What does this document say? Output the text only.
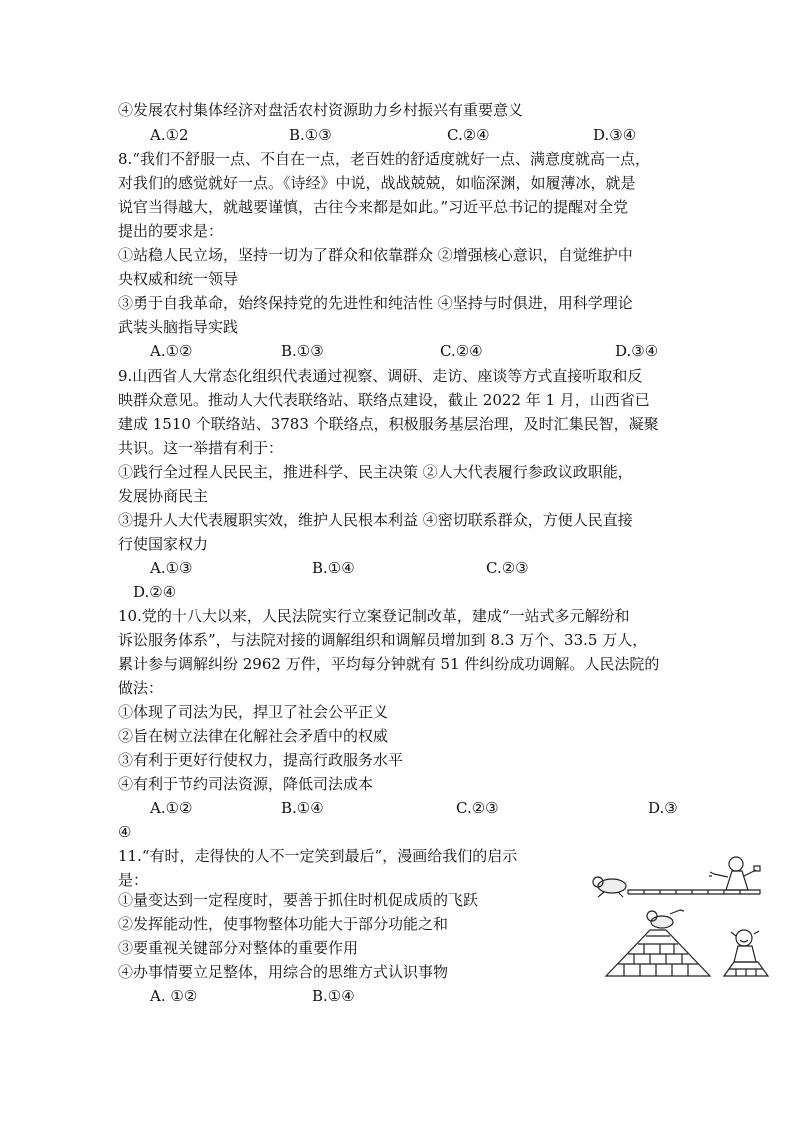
④发展农村集体经济对盘活农村资源助力乡村振兴有重要意义
A.①2	B.①③	C.②④	D.③④
8.“我们不舒服一点、不自在一点，老百姓的舒适度就好一点、满意度就高一点，
对我们的感觉就好一点。《诗经》中说，战战兢兢，如临深渊，如履薄冰，就是
说官当得越大，就越要谨慎，古往今来都是如此。”习近平总书记的提醒对全党
提出的要求是：
①站稳人民立场，坚持一切为了群众和依靠群众 ②增强核心意识，自觉维护中
央权威和统一领导
③勇于自我革命，始终保持党的先进性和纯洁性 ④坚持与时俱进，用科学理论
武装头脑指导实践
A.①②	B.①③	C.②④	D.③④
9.山西省人大常态化组织代表通过视察、调研、走访、座谈等方式直接听取和反
映群众意见。推动人大代表联络站、联络点建设，截止 2022 年 1 月，山西省已
建成 1510 个联络站、3783 个联络点，积极服务基层治理，及时汇集民智，凝聚
共识。这一举措有利于：
①践行全过程人民民主，推进科学、民主决策 ②人大代表履行参政议政职能，
发展协商民主
③提升人大代表履职实效，维护人民根本利益 ④密切联系群众，方便人民直接
行使国家权力
A.①③	B.①④	C.②③
D.②④
10.党的十八大以来，人民法院实行立案登记制改革，建成“一站式多元解纷和
诉讼服务体系”，与法院对接的调解组织和调解员增加到 8.3 万个、33.5 万人，
累计参与调解纠纷 2962 万件，平均每分钟就有 51 件纠纷成功调解。人民法院的
做法：
①体现了司法为民，捍卫了社会公平正义
②旨在树立法律在化解社会矛盾中的权威
③有利于更好行使权力，提高行政服务水平
④有利于节约司法资源，降低司法成本
A.①②	B.①④	C.②③	D.③
④
11.“有时，走得快的人不一定笑到最后”，漫画给我们的启示
是：
①量变达到一定程度时，要善于抓住时机促成质的飞跃
②发挥能动性，使事物整体功能大于部分功能之和
③要重视关键部分对整体的重要作用
④办事情要立足整体，用综合的思维方式认识事物
A. ①②	B.①④
